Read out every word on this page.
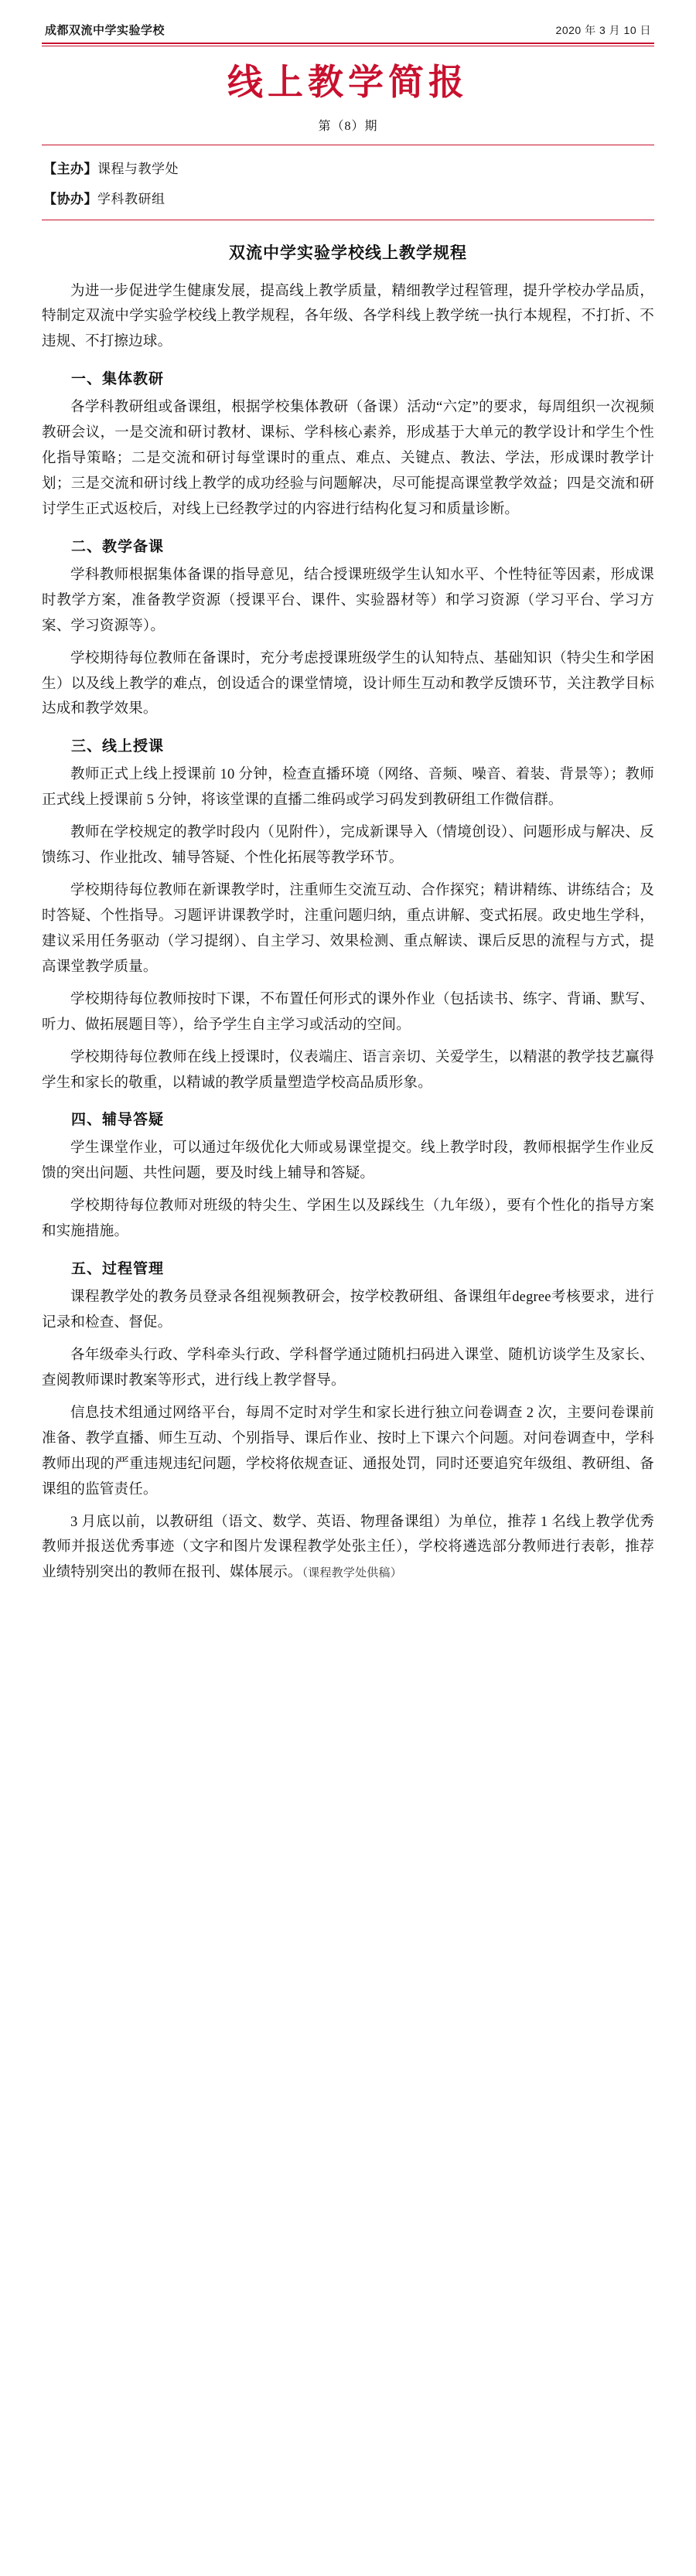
成都双流中学实验学校	2020 年 3 月 10 日
线上教学简报
第（8）期
【主办】课程与教学处
【协办】学科教研组
双流中学实验学校线上教学规程

为进一步促进学生健康发展，提高线上教学质量，精细教学过程管理，提升学校办学品质，特制定双流中学实验学校线上教学规程，各年级、各学科线上教学统一执行本规程，不打折、不违规、不打擦边球。

一、集体教研

各学科教研组或备课组，根据学校集体教研（备课）活动“六定”的要求，每周组织一次视频教研会议，一是交流和研讨教材、课标、学科核心素养，形成基于大单元的教学设计和学生个性化指导策略；二是交流和研讨每堂课时的重点、难点、关键点、教法、学法，形成课时教学计划；三是交流和研讨线上教学的成功经验与问题解决，尽可能提高课堂教学效益；四是交流和研讨学生正式返校后，对线上已经教学过的内容进行结构化复习和质量诊断。

二、教学备课

学科教师根据集体备课的指导意见，结合授课班级学生认知水平、个性特征等因素，形成课时教学方案，准备教学资源（授课平台、课件、实验器材等）和学习资源（学习平台、学习方案、学习资源等）。

学校期待每位教师在备课时，充分考虑授课班级学生的认知特点、基础知识（特尖生和学困生）以及线上教学的难点，创设适合的课堂情境，设计师生互动和教学反馈环节，关注教学目标达成和教学效果。

三、线上授课

教师正式上线上授课前 10 分钟，检查直播环境（网络、音频、噪音、着装、背景等）；教师正式线上授课前 5 分钟，将该堂课的直播二维码或学习码发到教研组工作微信群。

教师在学校规定的教学时段内（见附件），完成新课导入（情境创设）、问题形成与解决、反馈练习、作业批改、辅导答疑、个性化拓展等教学环节。

学校期待每位教师在新课教学时，注重师生交流互动、合作探究；精讲精练、讲练结合；及时答疑、个性指导。习题评讲课教学时，注重问题归纳，重点讲解、变式拓展。政史地生学科，建议采用任务驱动（学习提纲）、自主学习、效果检测、重点解读、课后反思的流程与方式，提高课堂教学质量。

学校期待每位教师按时下课，不布置任何形式的课外作业（包括读书、练字、背诵、默写、听力、做拓展题目等），给予学生自主学习或活动的空间。

学校期待每位教师在线上授课时，仪表端庄、语言亲切、关爱学生，以精湛的教学技艺赢得学生和家长的敬重，以精诚的教学质量塑造学校高品质形象。

四、辅导答疑

学生课堂作业，可以通过年级优化大师或易课堂提交。线上教学时段，教师根据学生作业反馈的突出问题、共性问题，要及时线上辅导和答疑。

学校期待每位教师对班级的特尖生、学困生以及踩线生（九年级），要有个性化的指导方案和实施措施。

五、过程管理

课程教学处的教务员登录各组视频教研会，按学校教研组、备课组年degree考核要求，进行记录和检查、督促。

各年级牵头行政、学科牵头行政、学科督学通过随机扫码进入课堂、随机访谈学生及家长、查阅教师课时教案等形式，进行线上教学督导。

信息技术组通过网络平台，每周不定时对学生和家长进行独立问卷调查 2 次，主要问卷课前准备、教学直播、师生互动、个别指导、课后作业、按时上下课六个问题。对问卷调查中，学科教师出现的严重违规违纪问题，学校将依规查证、通报处罚，同时还要追究年级组、教研组、备课组的监管责任。

3 月底以前，以教研组（语文、数学、英语、物理备课组）为单位，推荐 1 名线上教学优秀教师并报送优秀事迹（文字和图片发课程教学处张主任），学校将遴选部分教师进行表彰，推荐业绩特别突出的教师在报刊、媒体展示。（课程教学处供稿）
